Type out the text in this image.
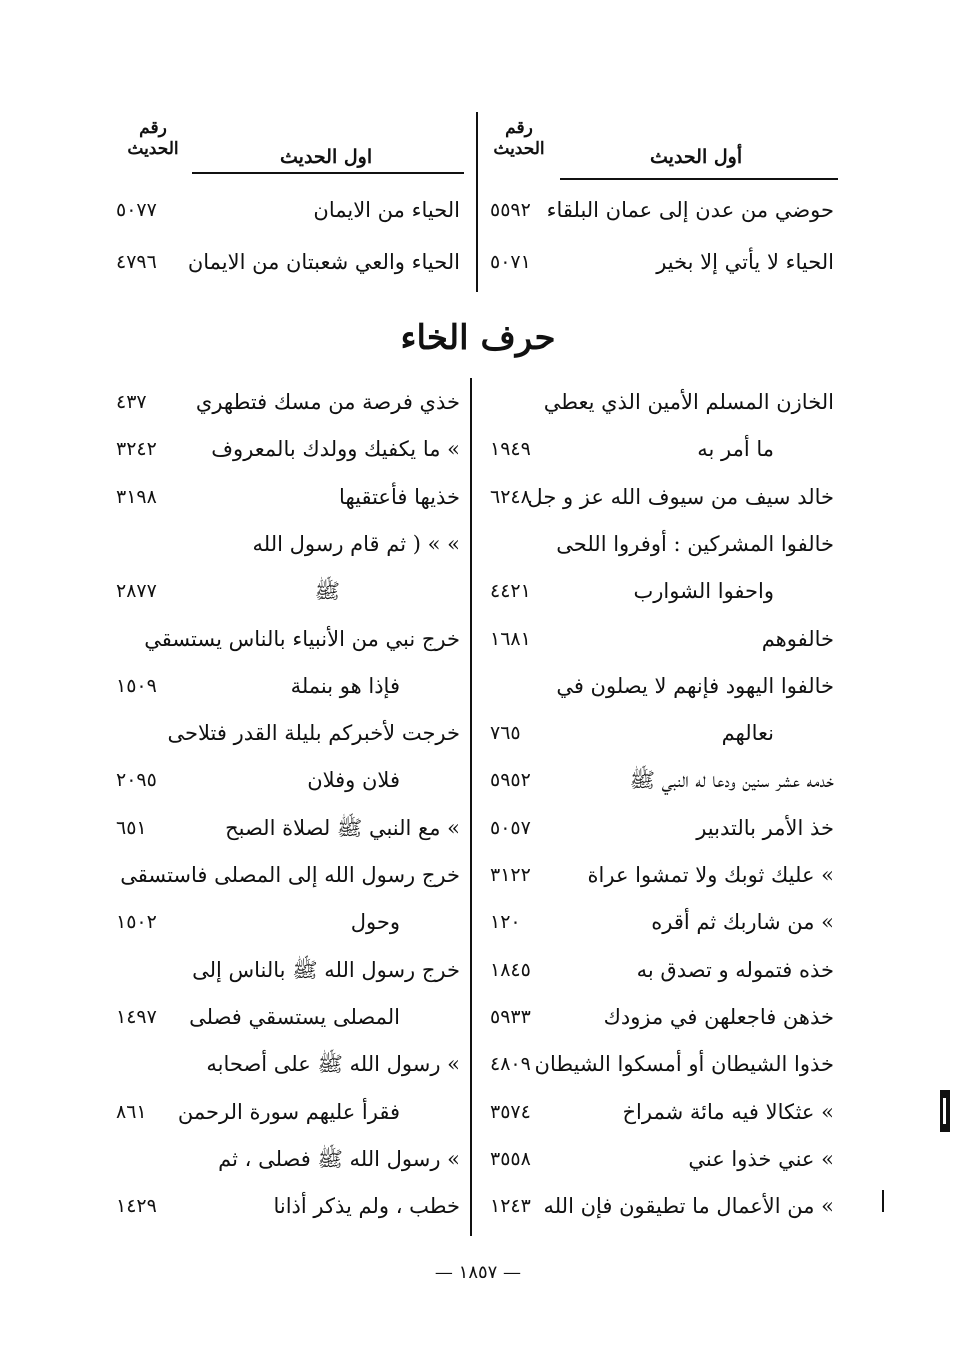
رقم
الحديث	اول الحديث
رقم
الحديث	أول الحديث
حوضي من عدن إلى عمان البلقاء
٥٥٩٢
الحياء لا يأتي إلا بخير
٥٠٧١
الحياء من الايمان
٥٠٧٧
الحياء والعي شعبتان من الايمان
٤٧٩٦
حرف الخاء
الخازن المسلم الأمين الذي يعطي
ما أمر به
١٩٤٩
خالد سيف من سيوف الله عز و جل
٦٢٤٨
خالفوا المشركين : أوفروا اللحى
واحفوا الشوارب
٤٤٢١
خالفوهم
١٦٨١
خالفوا اليهود فإنهم لا يصلون في
نعالهم
٧٦٥
خدمه عشر سنين ودعا له النبي ﷺ
٥٩٥٢
خذ الأمر بالتدبير
٥٠٥٧
» عليك ثوبك ولا تمشوا عراة
٣١٢٢
» من شاربك ثم أقره
١٢٠
خذه فتموله و تصدق به
١٨٤٥
خذهن فاجعلهن في مزودك
٥٩٣٣
خذوا الشيطان أو أمسكوا الشيطان
٤٨٠٩
» عثكالا فيه مائة شمراخ
٣٥٧٤
» عني خذوا عني
٣٥٥٨
» من الأعمال ما تطيقون فإن الله
١٢٤٣
خذي فرصة من مسك فتطهري
٤٣٧
» ما يكفيك وولدك بالمعروف
٣٢٤٢
خذيها فأعتقيها
٣١٩٨
» » ( ثم قام رسول الله
ﷺ
٢٨٧٧
خرج نبي من الأنبياء بالناس يستسقي
فإذا هو بنملة
١٥٠٩
خرجت لأخبركم بليلة القدر فتلاحى
فلان وفلان
٢٠٩٥
» مع النبي ﷺ لصلاة الصبح
٦٥١
خرج رسول الله إلى المصلى فاستسقى
وحول
١٥٠٢
خرج رسول الله ﷺ بالناس إلى
المصلى يستسقي فصلى
١٤٩٧
» رسول الله ﷺ على أصحابه
فقرأ عليهم سورة الرحمن
٨٦١
» رسول الله ﷺ فصلى ، ثم
خطب ، ولم يذكر أذانا
١٤٢٩
— ١٨٥٧ —
